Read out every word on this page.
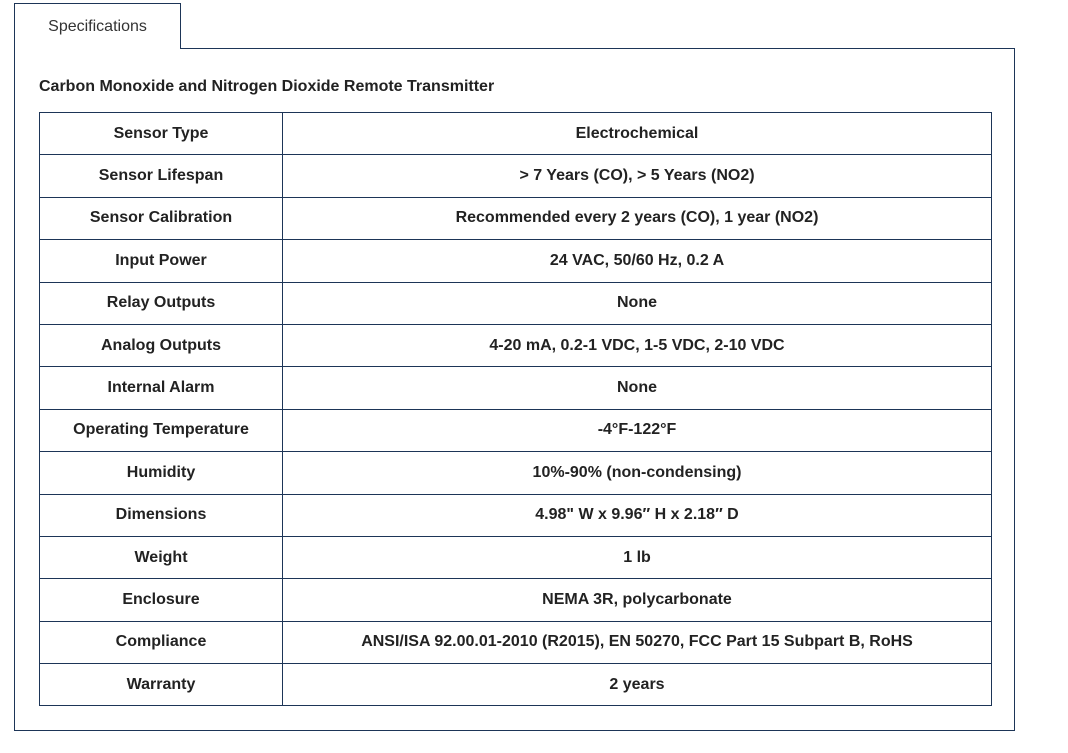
Specifications
Carbon Monoxide and Nitrogen Dioxide Remote Transmitter
Sensor Type	Electrochemical
Sensor Lifespan	> 7 Years (CO), > 5 Years (NO2)
Sensor Calibration	Recommended every 2 years (CO), 1 year (NO2)
Input Power	24 VAC, 50/60 Hz, 0.2 A
Relay Outputs	None
Analog Outputs	4-20 mA, 0.2-1 VDC, 1-5 VDC, 2-10 VDC
Internal Alarm	None
Operating Temperature	-4°F-122°F
Humidity	10%-90% (non-condensing)
Dimensions	4.98" W x 9.96″ H x 2.18″ D
Weight	1 lb
Enclosure	NEMA 3R, polycarbonate
Compliance	ANSI/ISA 92.00.01-2010 (R2015), EN 50270, FCC Part 15 Subpart B, RoHS
Warranty	2 years
